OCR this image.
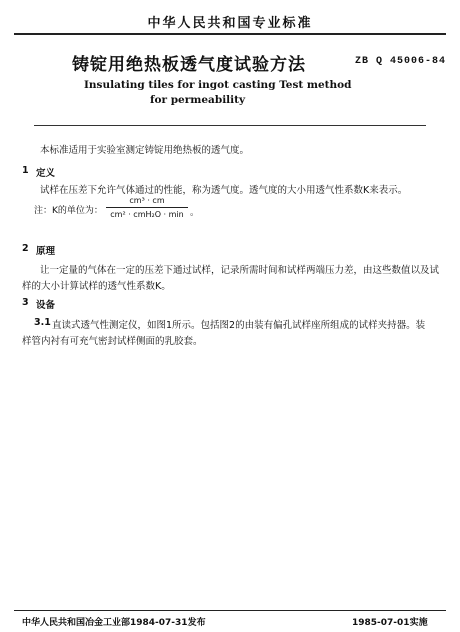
中华人民共和国专业标准
铸锭用绝热板透气度试验方法	ZB Q 45006-84
Insulating tiles for ingot casting Test method
for permeability
本标准适用于实验室测定铸锭用绝热板的透气度。
1 定义
试样在压差下允许气体通过的性能，称为透气度。透气度的大小用透气性系数K来表示。
注：K的单位为：
cm³ · cm
cm² · cmH₂O · min 。
2 原理
让一定量的气体在一定的压差下通过试样，记录所需时间和试样两端压力差，由这些数值以及试
样的大小计算试样的透气性系数K。
3 设备
3.1 直读式透气性测定仪，如图1所示。包括图2的由装有偏孔试样座所组成的试样夹持器。装
样管内衬有可充气密封试样侧面的乳胶套。
中华人民共和国冶金工业部1984-07-31发布	1985-07-01实施
